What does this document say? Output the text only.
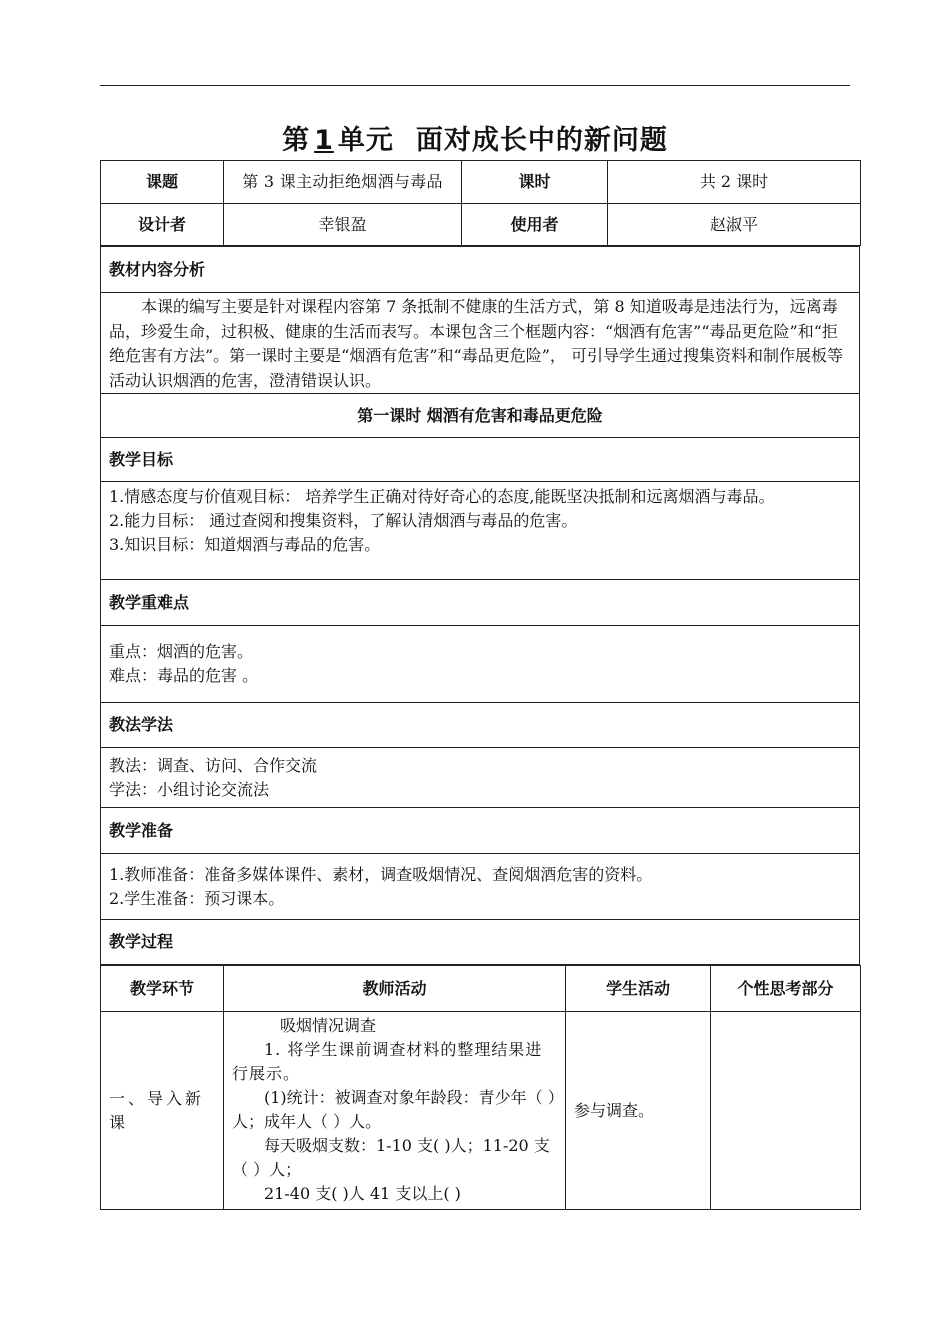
第 1 单元 面对成长中的新问题
课题	第 3 课主动拒绝烟酒与毒品	课时	共 2 课时
设计者	幸银盈	使用者	赵淑平
教材内容分析

本课的编写主要是针对课程内容第 7 条抵制不健康的生活方式，第 8 知道吸毒是违法行为，远离毒品，珍爱生命，过积极、健康的生活而表写。本课包含三个框题内容：“烟酒有危害”“毒品更危险”和“拒绝危害有方法”。第一课时主要是“烟酒有危害”和“毒品更危险”， 可引导学生通过搜集资料和制作展板等活动认识烟酒的危害，澄清错误认识。

第一课时 烟酒有危害和毒品更危险
教学目标

1.情感态度与价值观目标： 培养学生正确对待好奇心的态度,能既坚决抵制和远离烟酒与毒品。

2.能力目标： 通过查阅和搜集资料，了解认清烟酒与毒品的危害。

3.知识目标：知道烟酒与毒品的危害。

教学重难点

重点：烟酒的危害。

难点：毒品的危害 。

教法学法

教法：调查、访问、合作交流

学法：小组讨论交流法

教学准备

1.教师准备：准备多媒体课件、素材，调查吸烟情况、查阅烟酒危害的资料。

2.学生准备：预习课本。

教学过程
教学环节	教师活动	学生活动	个性思考部分
一、导入新课	吸烟情况调查

1. 将学生课前调查材料的整理结果进行展示。

(1)统计：被调查对象年龄段：青少年（ ）人；成年人（ ）人。

每天吸烟支数：1-10 支( )人；11-20 支（ ）人；

21-40 支( )人 41 支以上( )	参与调查。	
